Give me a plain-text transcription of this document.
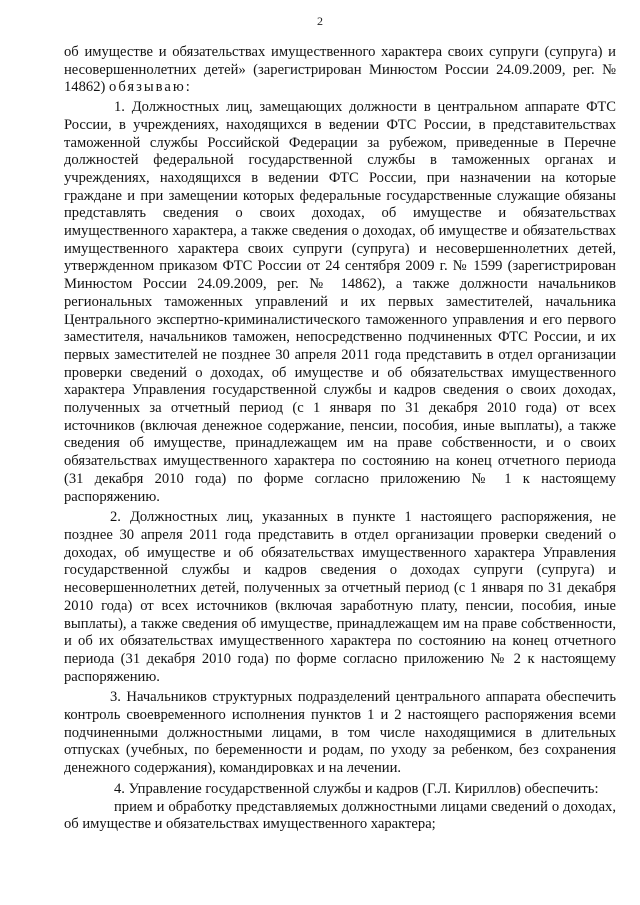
2

об имуществе и обязательствах имущественного характера своих супруги (супруга) и несовершеннолетних детей» (зарегистрирован Минюстом России 24.09.2009, рег. № 14862) обязываю:

1. Должностных лиц, замещающих должности в центральном аппарате ФТС России, в учреждениях, находящихся в ведении ФТС России, в представительствах таможенной службы Российской Федерации за рубежом, приведенные в Перечне должностей федеральной государственной службы в таможенных органах и учреждениях, находящихся в ведении ФТС России, при назначении на которые граждане и при замещении которых федеральные государственные служащие обязаны представлять сведения о своих доходах, об имуществе и обязательствах имущественного характера, а также сведения о доходах, об имуществе и обязательствах имущественного характера своих супруги (супруга) и несовершеннолетних детей, утвержденном приказом ФТС России от 24 сентября 2009 г. № 1599 (зарегистрирован Минюстом России 24.09.2009, рег. № 14862), а также должности начальников региональных таможенных управлений и их первых заместителей, начальника Центрального экспертно-криминалистического таможенного управления и его первого заместителя, начальников таможен, непосредственно подчиненных ФТС России, и их первых заместителей не позднее 30 апреля 2011 года представить в отдел организации проверки сведений о доходах, об имуществе и об обязательствах имущественного характера Управления государственной службы и кадров сведения о своих доходах, полученных за отчетный период (с 1 января по 31 декабря 2010 года) от всех источников (включая денежное содержание, пенсии, пособия, иные выплаты), а также сведения об имуществе, принадлежащем им на праве собственности, и о своих обязательствах имущественного характера по состоянию на конец отчетного периода (31 декабря 2010 года) по форме согласно приложению № 1 к настоящему распоряжению.

2. Должностных лиц, указанных в пункте 1 настоящего распоряжения, не позднее 30 апреля 2011 года представить в отдел организации проверки сведений о доходах, об имуществе и об обязательствах имущественного характера Управления государственной службы и кадров сведения о доходах супруги (супруга) и несовершеннолетних детей, полученных за отчетный период (с 1 января по 31 декабря 2010 года) от всех источников (включая заработную плату, пенсии, пособия, иные выплаты), а также сведения об имуществе, принадлежащем им на праве собственности, и об их обязательствах имущественного характера по состоянию на конец отчетного периода (31 декабря 2010 года) по форме согласно приложению № 2 к настоящему распоряжению.

3. Начальников структурных подразделений центрального аппарата обеспечить контроль своевременного исполнения пунктов 1 и 2 настоящего распоряжения всеми подчиненными должностными лицами, в том числе находящимися в длительных отпусках (учебных, по беременности и родам, по уходу за ребенком, без сохранения денежного содержания), командировках и на лечении.

4. Управление государственной службы и кадров (Г.Л. Кириллов) обеспечить:

прием и обработку представляемых должностными лицами сведений о доходах, об имуществе и обязательствах имущественного характера;
